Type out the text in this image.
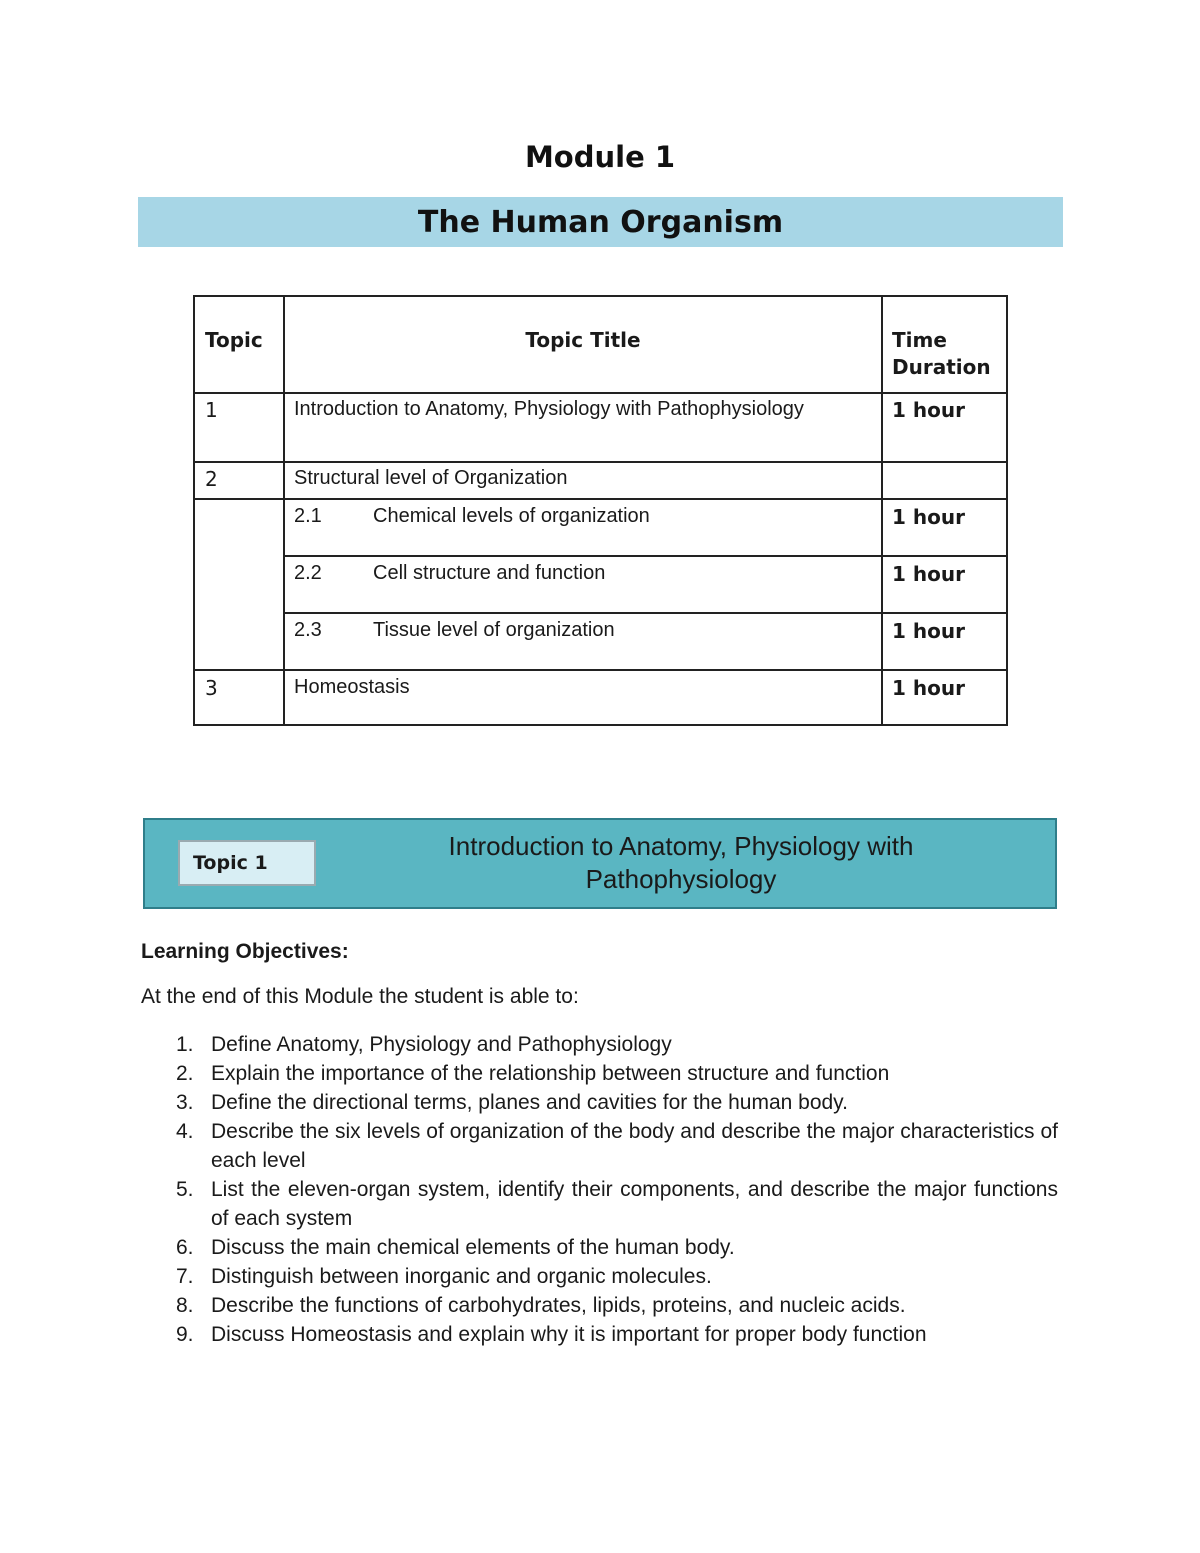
Module 1
The Human Organism
Topic	Topic Title	Time Duration
1	Introduction to Anatomy, Physiology with Pathophysiology	1 hour
2	Structural level of Organization	
	2.1 Chemical levels of organization	1 hour
	2.2 Cell structure and function	1 hour
	2.3 Tissue level of organization	1 hour
3	Homeostasis	1 hour
Topic 1
Introduction to Anatomy, Physiology with Pathophysiology
Learning Objectives:
At the end of this Module the student is able to:
1. Define Anatomy, Physiology and Pathophysiology
2. Explain the importance of the relationship between structure and function
3. Define the directional terms, planes and cavities for the human body.
4. Describe the six levels of organization of the body and describe the major characteristics of each level
5. List the eleven-organ system, identify their components, and describe the major functions of each system
6. Discuss the main chemical elements of the human body.
7. Distinguish between inorganic and organic molecules.
8. Describe the functions of carbohydrates, lipids, proteins, and nucleic acids.
9. Discuss Homeostasis and explain why it is important for proper body function
